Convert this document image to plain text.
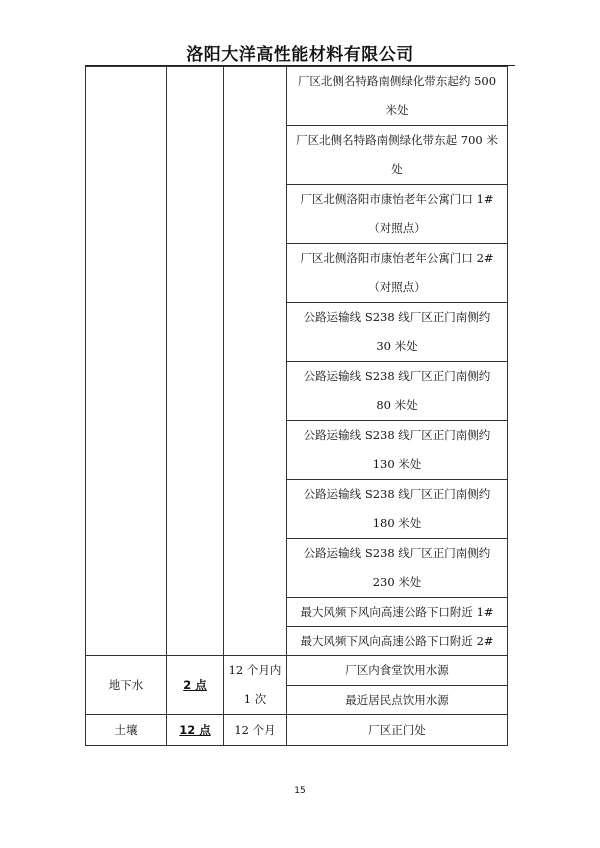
洛阳大洋高性能材料有限公司
			厂区北侧名特路南侧绿化带东起约 500 米处
			厂区北侧名特路南侧绿化带东起 700 米处
			厂区北侧洛阳市康怡老年公寓门口 1#（对照点）
			厂区北侧洛阳市康怡老年公寓门口 2#（对照点）
			公路运输线 S238 线厂区正门南侧约 30 米处
			公路运输线 S238 线厂区正门南侧约 80 米处
			公路运输线 S238 线厂区正门南侧约 130 米处
			公路运输线 S238 线厂区正门南侧约 180 米处
			公路运输线 S238 线厂区正门南侧约 230 米处
			最大风频下风向高速公路下口附近 1#
			最大风频下风向高速公路下口附近 2#
地下水	2 点	12 个月内 1 次	厂区内食堂饮用水源
			最近居民点饮用水源
土壤	12 点	12 个月	厂区正门处
15
